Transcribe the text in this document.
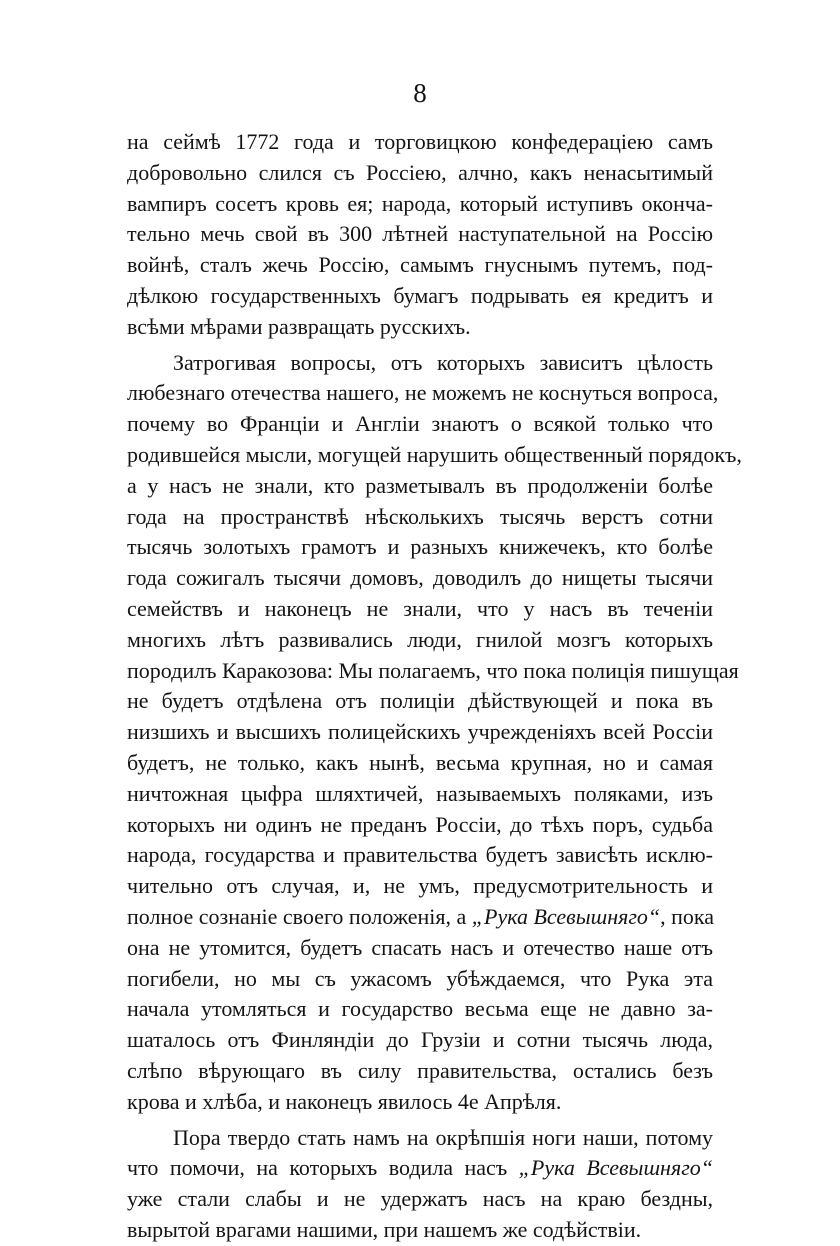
8
на сеймѣ 1772 года и торговицкою конфедераціею самъ
добровольно слился съ Россіею, алчно, какъ ненасытимый
вампиръ сосетъ кровь ея; народа, который иступивъ оконча-
тельно мечь свой въ 300 лѣтней наступательной на Россію
войнѣ, сталъ жечь Россію, самымъ гнуснымъ путемъ, под-
дѣлкою государственныхъ бумагъ подрывать ея кредитъ и
всѣми мѣрами развращать русскихъ.
Затрогивая вопросы, отъ которыхъ зависитъ цѣлость
любезнаго отечества нашего, не можемъ не коснуться вопроса,
почему во Франціи и Англіи знаютъ о всякой только что
родившейся мысли, могущей нарушить общественный порядокъ,
а у насъ не знали, кто разметывалъ въ продолженіи болѣе
года на пространствѣ нѣсколькихъ тысячь верстъ сотни
тысячь золотыхъ грамотъ и разныхъ книжечекъ, кто болѣе
года сожигалъ тысячи домовъ, доводилъ до нищеты тысячи
семействъ и наконецъ не знали, что у насъ въ теченіи
многихъ лѣтъ развивались люди, гнилой мозгъ которыхъ
породилъ Каракозова: Мы полагаемъ, что пока полиція пишущая
не будетъ отдѣлена отъ полиціи дѣйствующей и пока въ
низшихъ и высшихъ полицейскихъ учрежденіяхъ всей Россіи
будетъ, не только, какъ нынѣ, весьма крупная, но и самая
ничтожная цыфра шляхтичей, называемыхъ поляками, изъ
которыхъ ни одинъ не преданъ Россіи, до тѣхъ поръ, судьба
народа, государства и правительства будетъ зависѣть исклю-
чительно отъ случая, и, не умъ, предусмотрительность и
полное сознаніе своего положенія, а „Рука Всевышняго“, пока
она не утомится, будетъ спасать насъ и отечество наше отъ
погибели, но мы съ ужасомъ убѣждаемся, что Рука эта
начала утомляться и государство весьма еще не давно за-
шаталось отъ Финляндіи до Грузіи и сотни тысячь люда,
слѣпо вѣрующаго въ силу правительства, остались безъ
крова и хлѣба, и наконецъ явилось 4е Апрѣля.
Пора твердо стать намъ на окрѣпшія ноги наши, потому
что помочи, на которыхъ водила насъ „Рука Всевышняго“
уже стали слабы и не удержатъ насъ на краю бездны,
вырытой врагами нашими, при нашемъ же содѣйствіи.
